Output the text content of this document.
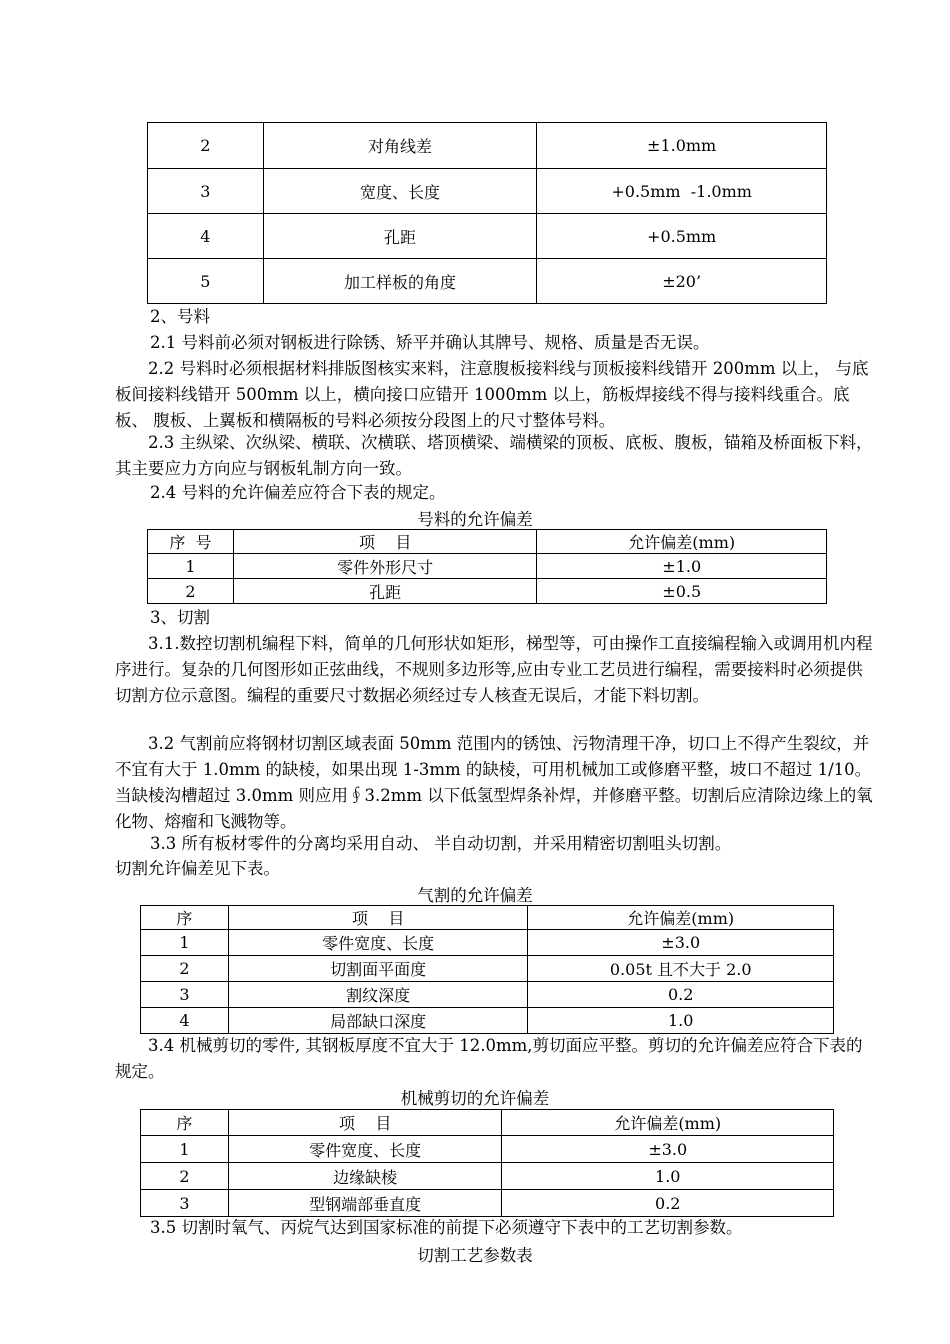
2	对角线差	±1.0mm
3	宽度、长度	+0.5mm  -1.0mm
4	孔距	+0.5mm
5	加工样板的角度	±20’

2、号料

2.1 号料前必须对钢板进行除锈、矫平并确认其牌号、规格、质量是否无误。

2.2 号料时必须根据材料排版图核实来料，注意腹板接料线与顶板接料线错开 200mm 以上， 与底板间接料线错开 500mm 以上，横向接口应错开 1000mm 以上，筋板焊接线不得与接料线重合。底板、 腹板、上翼板和横隔板的号料必须按分段图上的尺寸整体号料。

2.3 主纵梁、次纵梁、横联、次横联、塔顶横梁、端横梁的顶板、底板、腹板，锚箱及桥面板下料，其主要应力方向应与钢板轧制方向一致。

2.4 号料的允许偏差应符合下表的规定。

号料的允许偏差
序  号	项    目	允许偏差(mm)
1	零件外形尺寸	±1.0
2	孔距	±0.5

3、切割

3.1.数控切割机编程下料，简单的几何形状如矩形，梯型等，可由操作工直接编程输入或调用机内程序进行。复杂的几何图形如正弦曲线，不规则多边形等,应由专业工艺员进行编程，需要接料时必须提供切割方位示意图。编程的重要尺寸数据必须经过专人核查无误后，才能下料切割。

3.2 气割前应将钢材切割区域表面 50mm 范围内的锈蚀、污物清理干净，切口上不得产生裂纹，并不宜有大于 1.0mm 的缺棱，如果出现 1-3mm 的缺棱，可用机械加工或修磨平整，坡口不超过 1/10。当缺棱沟槽超过 3.0mm 则应用∮3.2mm 以下低氢型焊条补焊，并修磨平整。切割后应清除边缘上的氧化物、熔瘤和飞溅物等。

3.3 所有板材零件的分离均采用自动、 半自动切割，并采用精密切割咀头切割。

切割允许偏差见下表。

气割的允许偏差
序	项    目	允许偏差(mm)
1	零件宽度、长度	±3.0
2	切割面平面度	0.05t 且不大于 2.0
3	割纹深度	0.2
4	局部缺口深度	1.0

3.4 机械剪切的零件, 其钢板厚度不宜大于 12.0mm,剪切面应平整。剪切的允许偏差应符合下表的规定。

机械剪切的允许偏差
序	项    目	允许偏差(mm)
1	零件宽度、长度	±3.0
2	边缘缺棱	1.0
3	型钢端部垂直度	0.2

3.5 切割时氧气、丙烷气达到国家标准的前提下必须遵守下表中的工艺切割参数。

切割工艺参数表
